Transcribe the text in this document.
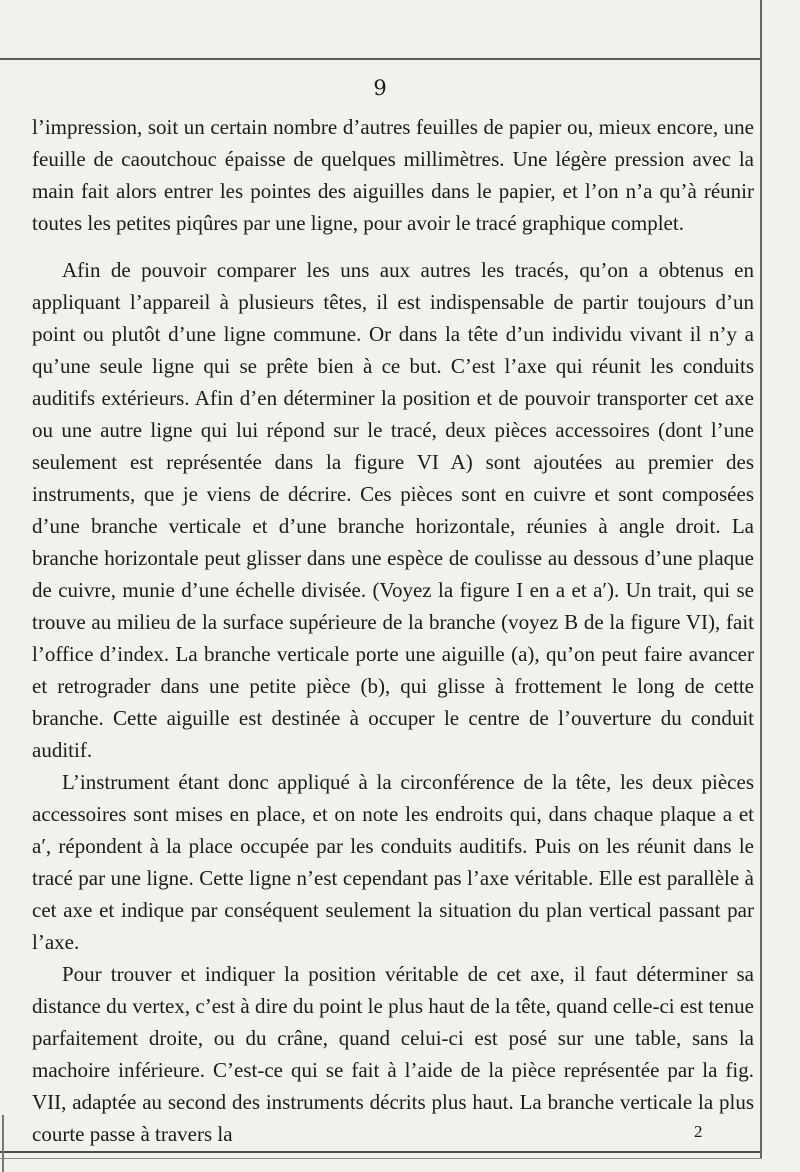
9

l’impression, soit un certain nombre d’autres feuilles de papier ou, mieux encore, une feuille de caoutchouc épaisse de quelques millimètres. Une légère pression avec la main fait alors entrer les pointes des aiguilles dans le papier, et l’on n’a qu’à réunir toutes les petites piqûres par une ligne, pour avoir le tracé graphique complet.

Afin de pouvoir comparer les uns aux autres les tracés, qu’on a obtenus en appliquant l’appareil à plusieurs têtes, il est indispensable de partir toujours d’un point ou plutôt d’une ligne commune. Or dans la tête d’un individu vivant il n’y a qu’une seule ligne qui se prête bien à ce but. C’est l’axe qui réunit les conduits auditifs extérieurs. Afin d’en déterminer la position et de pouvoir transporter cet axe ou une autre ligne qui lui répond sur le tracé, deux pièces accessoires (dont l’une seulement est représentée dans la figure VI A) sont ajoutées au premier des instruments, que je viens de décrire. Ces pièces sont en cuivre et sont composées d’une branche verticale et d’une branche horizontale, réunies à angle droit. La branche horizontale peut glisser dans une espèce de coulisse au dessous d’une plaque de cuivre, munie d’une échelle divisée. (Voyez la figure I en a et a′). Un trait, qui se trouve au milieu de la surface supérieure de la branche (voyez B de la figure VI), fait l’office d’index. La branche verticale porte une aiguille (a), qu’on peut faire avancer et retrograder dans une petite pièce (b), qui glisse à frottement le long de cette branche. Cette aiguille est destinée à occuper le centre de l’ouverture du conduit auditif.

L’instrument étant donc appliqué à la circonférence de la tête, les deux pièces accessoires sont mises en place, et on note les endroits qui, dans chaque plaque a et a′, répondent à la place occupée par les conduits auditifs. Puis on les réunit dans le tracé par une ligne. Cette ligne n’est cependant pas l’axe véritable. Elle est parallèle à cet axe et indique par conséquent seulement la situation du plan vertical passant par l’axe.

Pour trouver et indiquer la position véritable de cet axe, il faut déterminer sa distance du vertex, c’est à dire du point le plus haut de la tête, quand celle-ci est tenue parfaitement droite, ou du crâne, quand celui-ci est posé sur une table, sans la machoire inférieure. C’est-ce qui se fait à l’aide de la pièce représentée par la fig. VII, adaptée au second des instruments décrits plus haut. La branche verticale la plus courte passe à travers la	2
